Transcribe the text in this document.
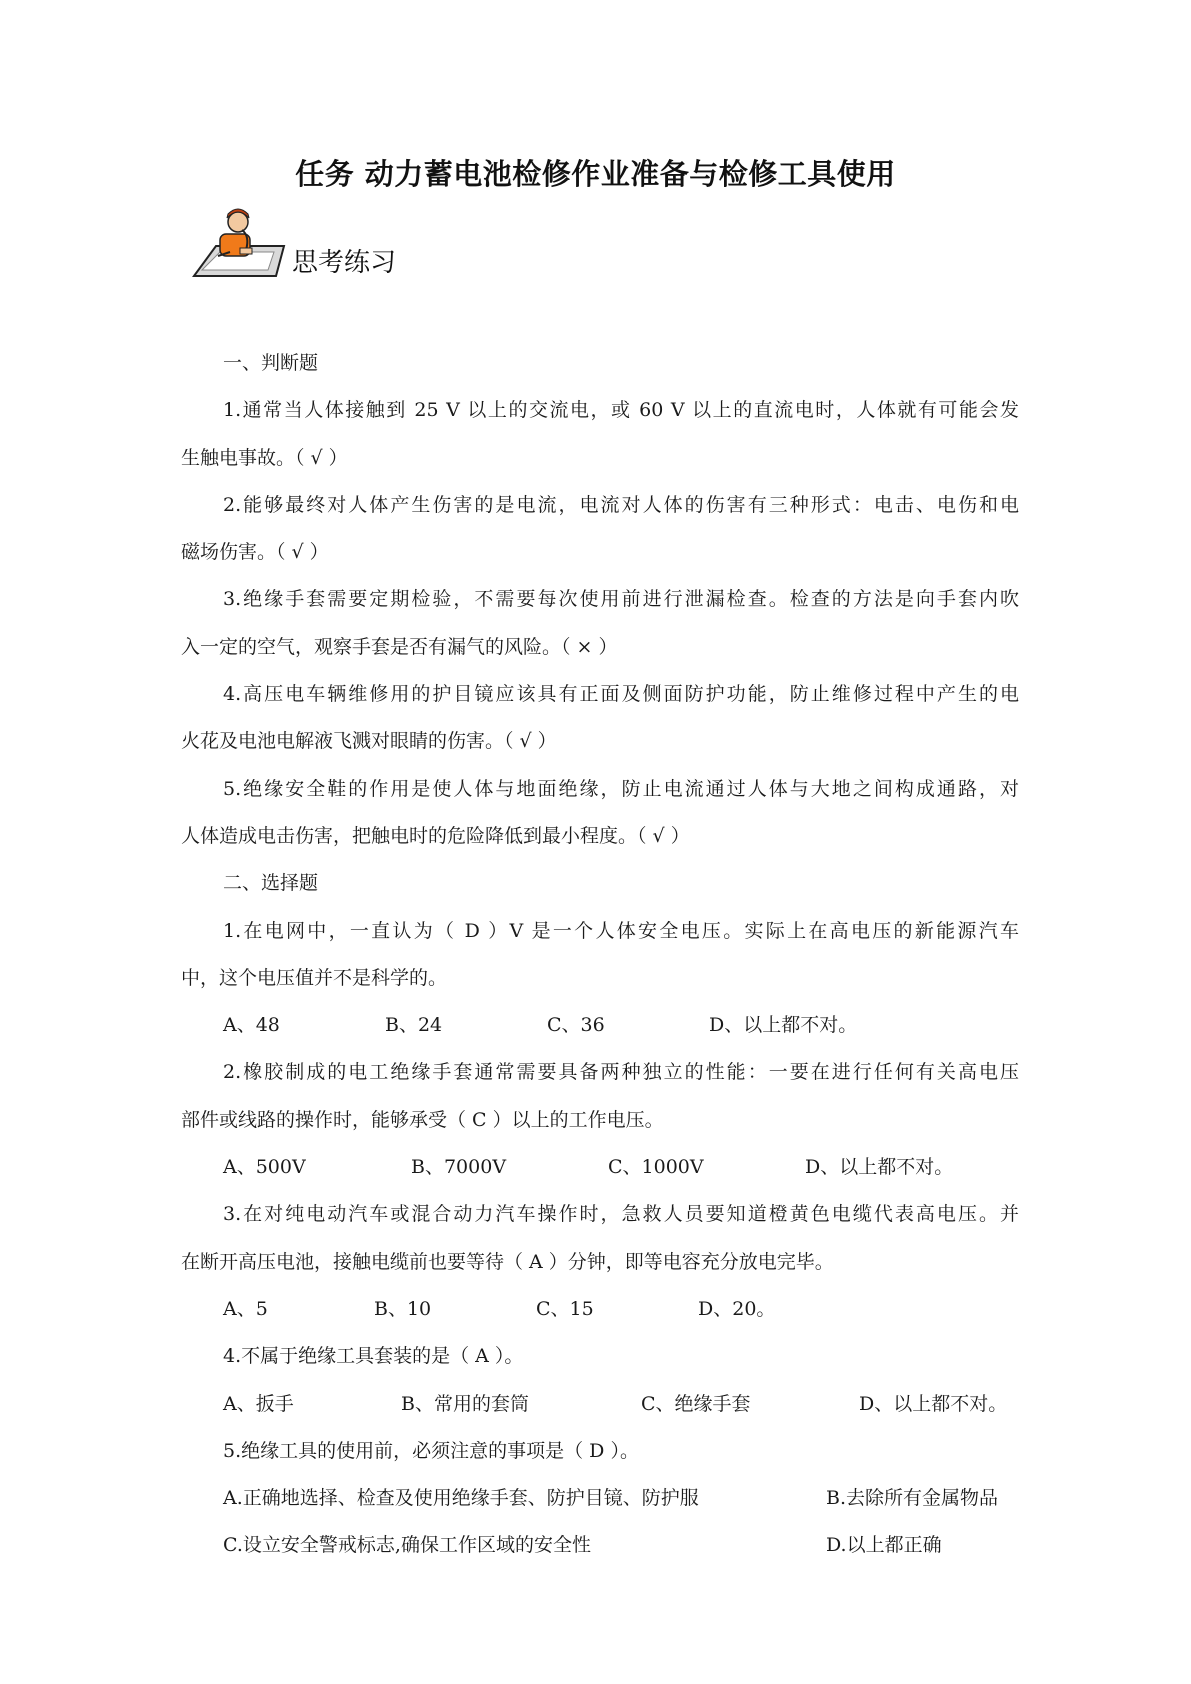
任务 动力蓄电池检修作业准备与检修工具使用
思考练习
一、判断题
1.通常当人体接触到 25 V 以上的交流电，或 60 V 以上的直流电时，人体就有可能会发
生触电事故。（ √ ）
2.能够最终对人体产生伤害的是电流，电流对人体的伤害有三种形式：电击、电伤和电
磁场伤害。（ √ ）
3.绝缘手套需要定期检验，不需要每次使用前进行泄漏检查。检查的方法是向手套内吹
入一定的空气，观察手套是否有漏气的风险。（ × ）
4.高压电车辆维修用的护目镜应该具有正面及侧面防护功能，防止维修过程中产生的电
火花及电池电解液飞溅对眼睛的伤害。（ √ ）
5.绝缘安全鞋的作用是使人体与地面绝缘，防止电流通过人体与大地之间构成通路，对
人体造成电击伤害，把触电时的危险降低到最小程度。（ √ ）
二、选择题
1.在电网中，一直认为（ D ）V 是一个人体安全电压。实际上在高电压的新能源汽车
中，这个电压值并不是科学的。
A、48	B、24	C、36	D、以上都不对。
2.橡胶制成的电工绝缘手套通常需要具备两种独立的性能：一要在进行任何有关高电压
部件或线路的操作时，能够承受（ C ）以上的工作电压。
A、500V	B、7000V	C、1000V	D、以上都不对。
3.在对纯电动汽车或混合动力汽车操作时，急救人员要知道橙黄色电缆代表高电压。并
在断开高压电池，接触电缆前也要等待（ A ）分钟，即等电容充分放电完毕。
A、5	B、10	C、15	D、20。
4.不属于绝缘工具套装的是（ A ）。
A、扳手	B、常用的套筒	C、绝缘手套	D、以上都不对。
5.绝缘工具的使用前，必须注意的事项是（ D ）。
A.正确地选择、检查及使用绝缘手套、防护目镜、防护服	B.去除所有金属物品
C.设立安全警戒标志,确保工作区域的安全性	D.以上都正确
